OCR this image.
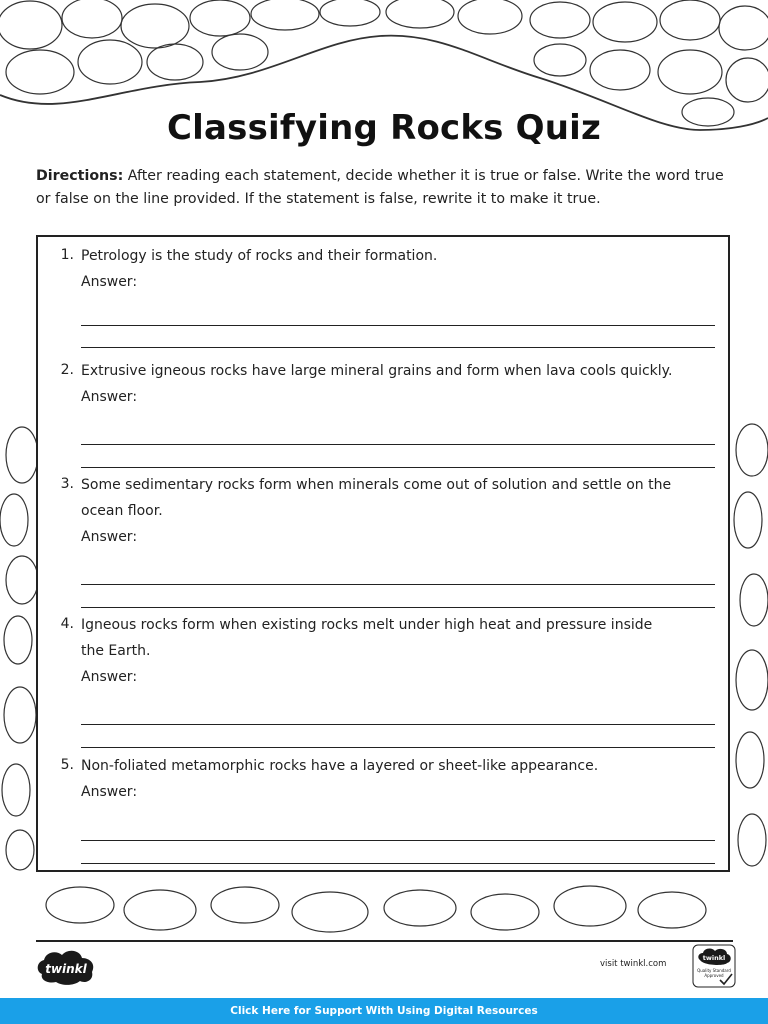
Classifying Rocks Quiz

Directions: After reading each statement, decide whether it is true or false. Write the word true or false on the line provided. If the statement is false, rewrite it to make it true.

1. Petrology is the study of rocks and their formation.
Answer:
2. Extrusive igneous rocks have large mineral grains and form when lava cools quickly.
Answer:
3. Some sedimentary rocks form when minerals come out of solution and settle on the ocean floor.
Answer:
4. Igneous rocks form when existing rocks melt under high heat and pressure inside the Earth.
Answer:
5. Non-foliated metamorphic rocks have a layered or sheet-like appearance.
Answer:
twinkl	visit twinkl.com
twinkl
Quality Standard
Approved
Click Here for Support With Using Digital Resources
